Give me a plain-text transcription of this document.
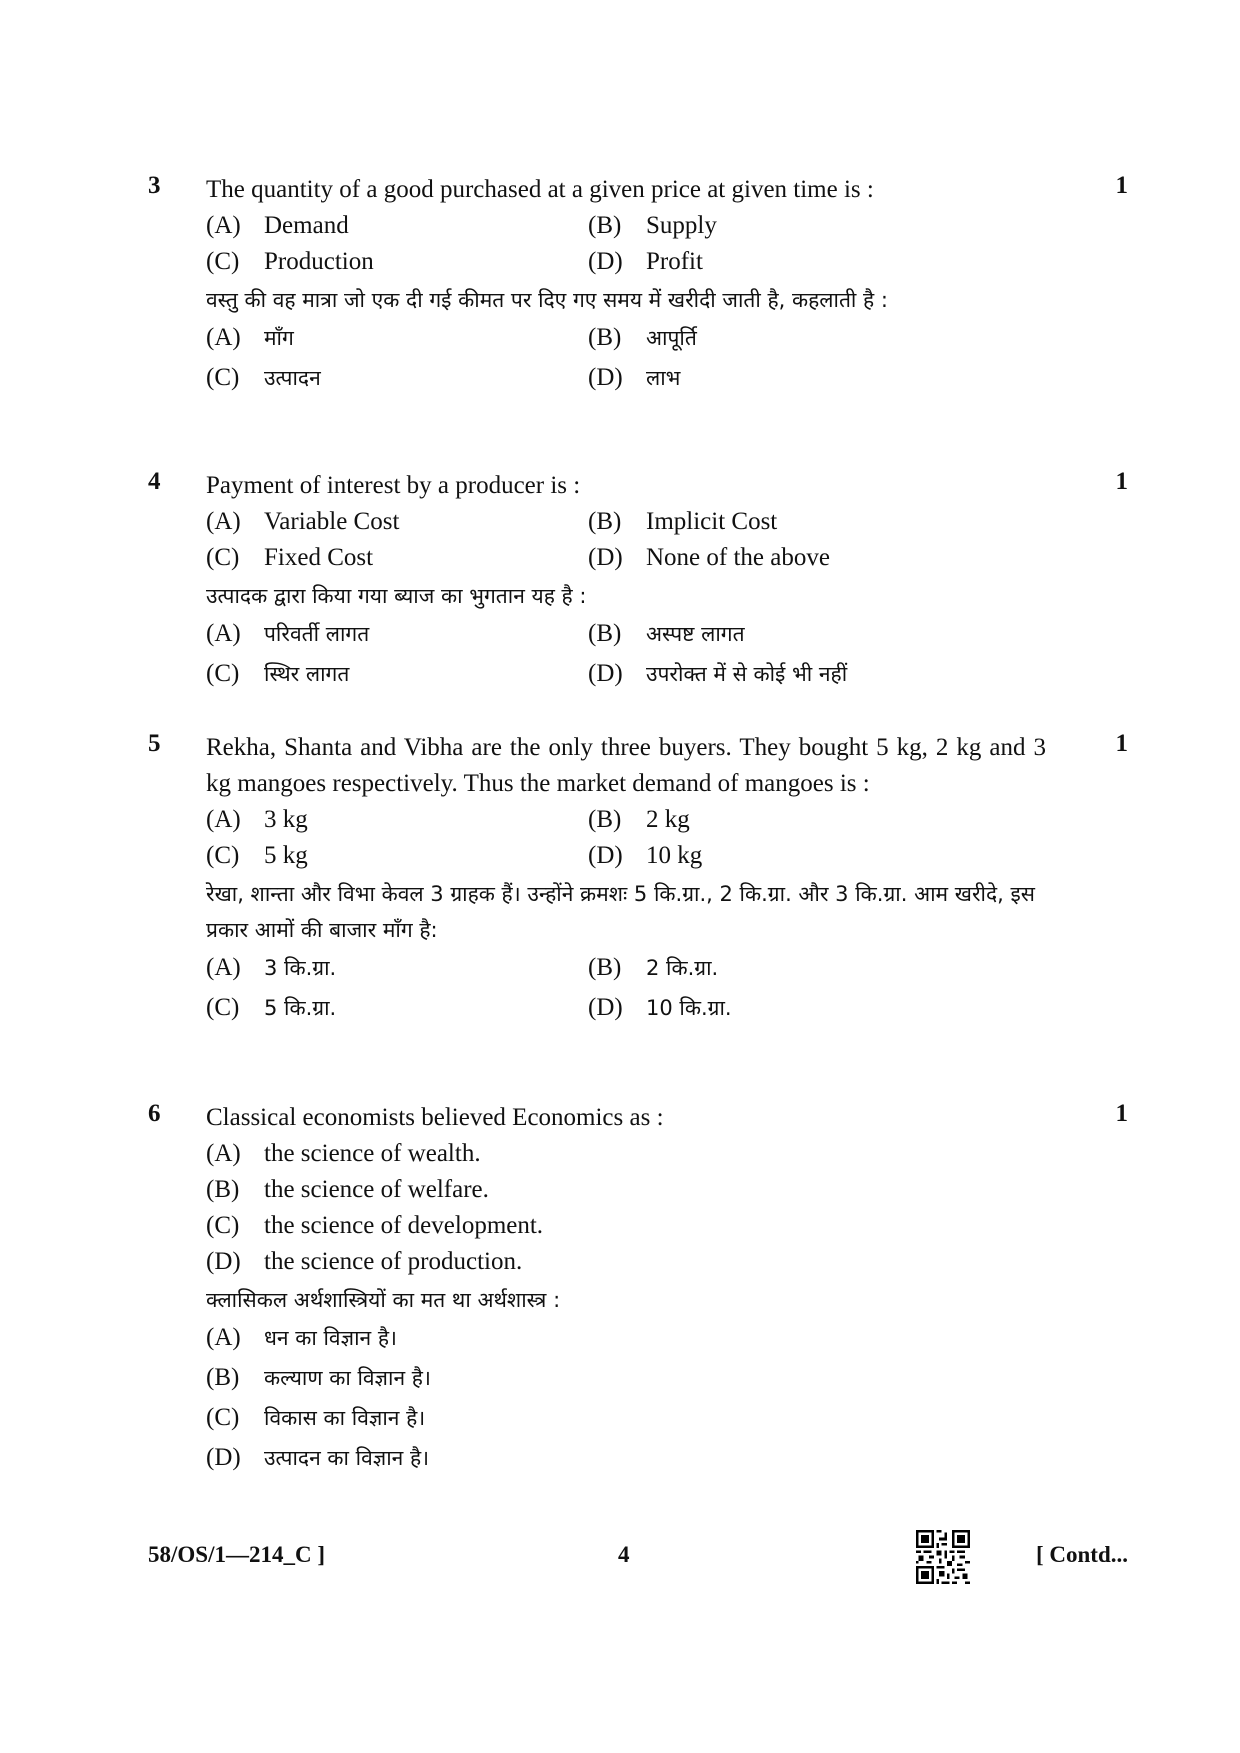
3	1
The quantity of a good purchased at a given price at given time is :
(A) Demand	(B) Supply
(C) Production	(D) Profit
वस्तु की वह मात्रा जो एक दी गई कीमत पर दिए गए समय में खरीदी जाती है, कहलाती है :
(A) माँग	(B) आपूर्ति
(C) उत्पादन	(D) लाभ
4	1
Payment of interest by a producer is :
(A) Variable Cost	(B) Implicit Cost
(C) Fixed Cost	(D) None of the above
उत्पादक द्वारा किया गया ब्याज का भुगतान यह है :
(A) परिवर्ती लागत	(B) अस्पष्ट लागत
(C) स्थिर लागत	(D) उपरोक्त में से कोई भी नहीं
5	1
Rekha, Shanta and Vibha are the only three buyers. They bought 5 kg, 2 kg and 3 kg mangoes respectively. Thus the market demand of mangoes is :
(A) 3 kg	(B) 2 kg
(C) 5 kg	(D) 10 kg
रेखा, शान्ता और विभा केवल 3 ग्राहक हैं। उन्होंने क्रमशः 5 कि.ग्रा., 2 कि.ग्रा. और 3 कि.ग्रा. आम खरीदे, इस प्रकार आमों की बाजार माँग है:
(A) 3 कि.ग्रा.	(B) 2 कि.ग्रा.
(C) 5 कि.ग्रा.	(D) 10 कि.ग्रा.
6	1
Classical economists believed Economics as :
(A) the science of wealth.
(B) the science of welfare.
(C) the science of development.
(D) the science of production.
क्लासिकल अर्थशास्त्रियों का मत था अर्थशास्त्र :
(A) धन का विज्ञान है।
(B) कल्याण का विज्ञान है।
(C) विकास का विज्ञान है।
(D) उत्पादन का विज्ञान है।
58/OS/1—214_C ]	4	[ Contd...
